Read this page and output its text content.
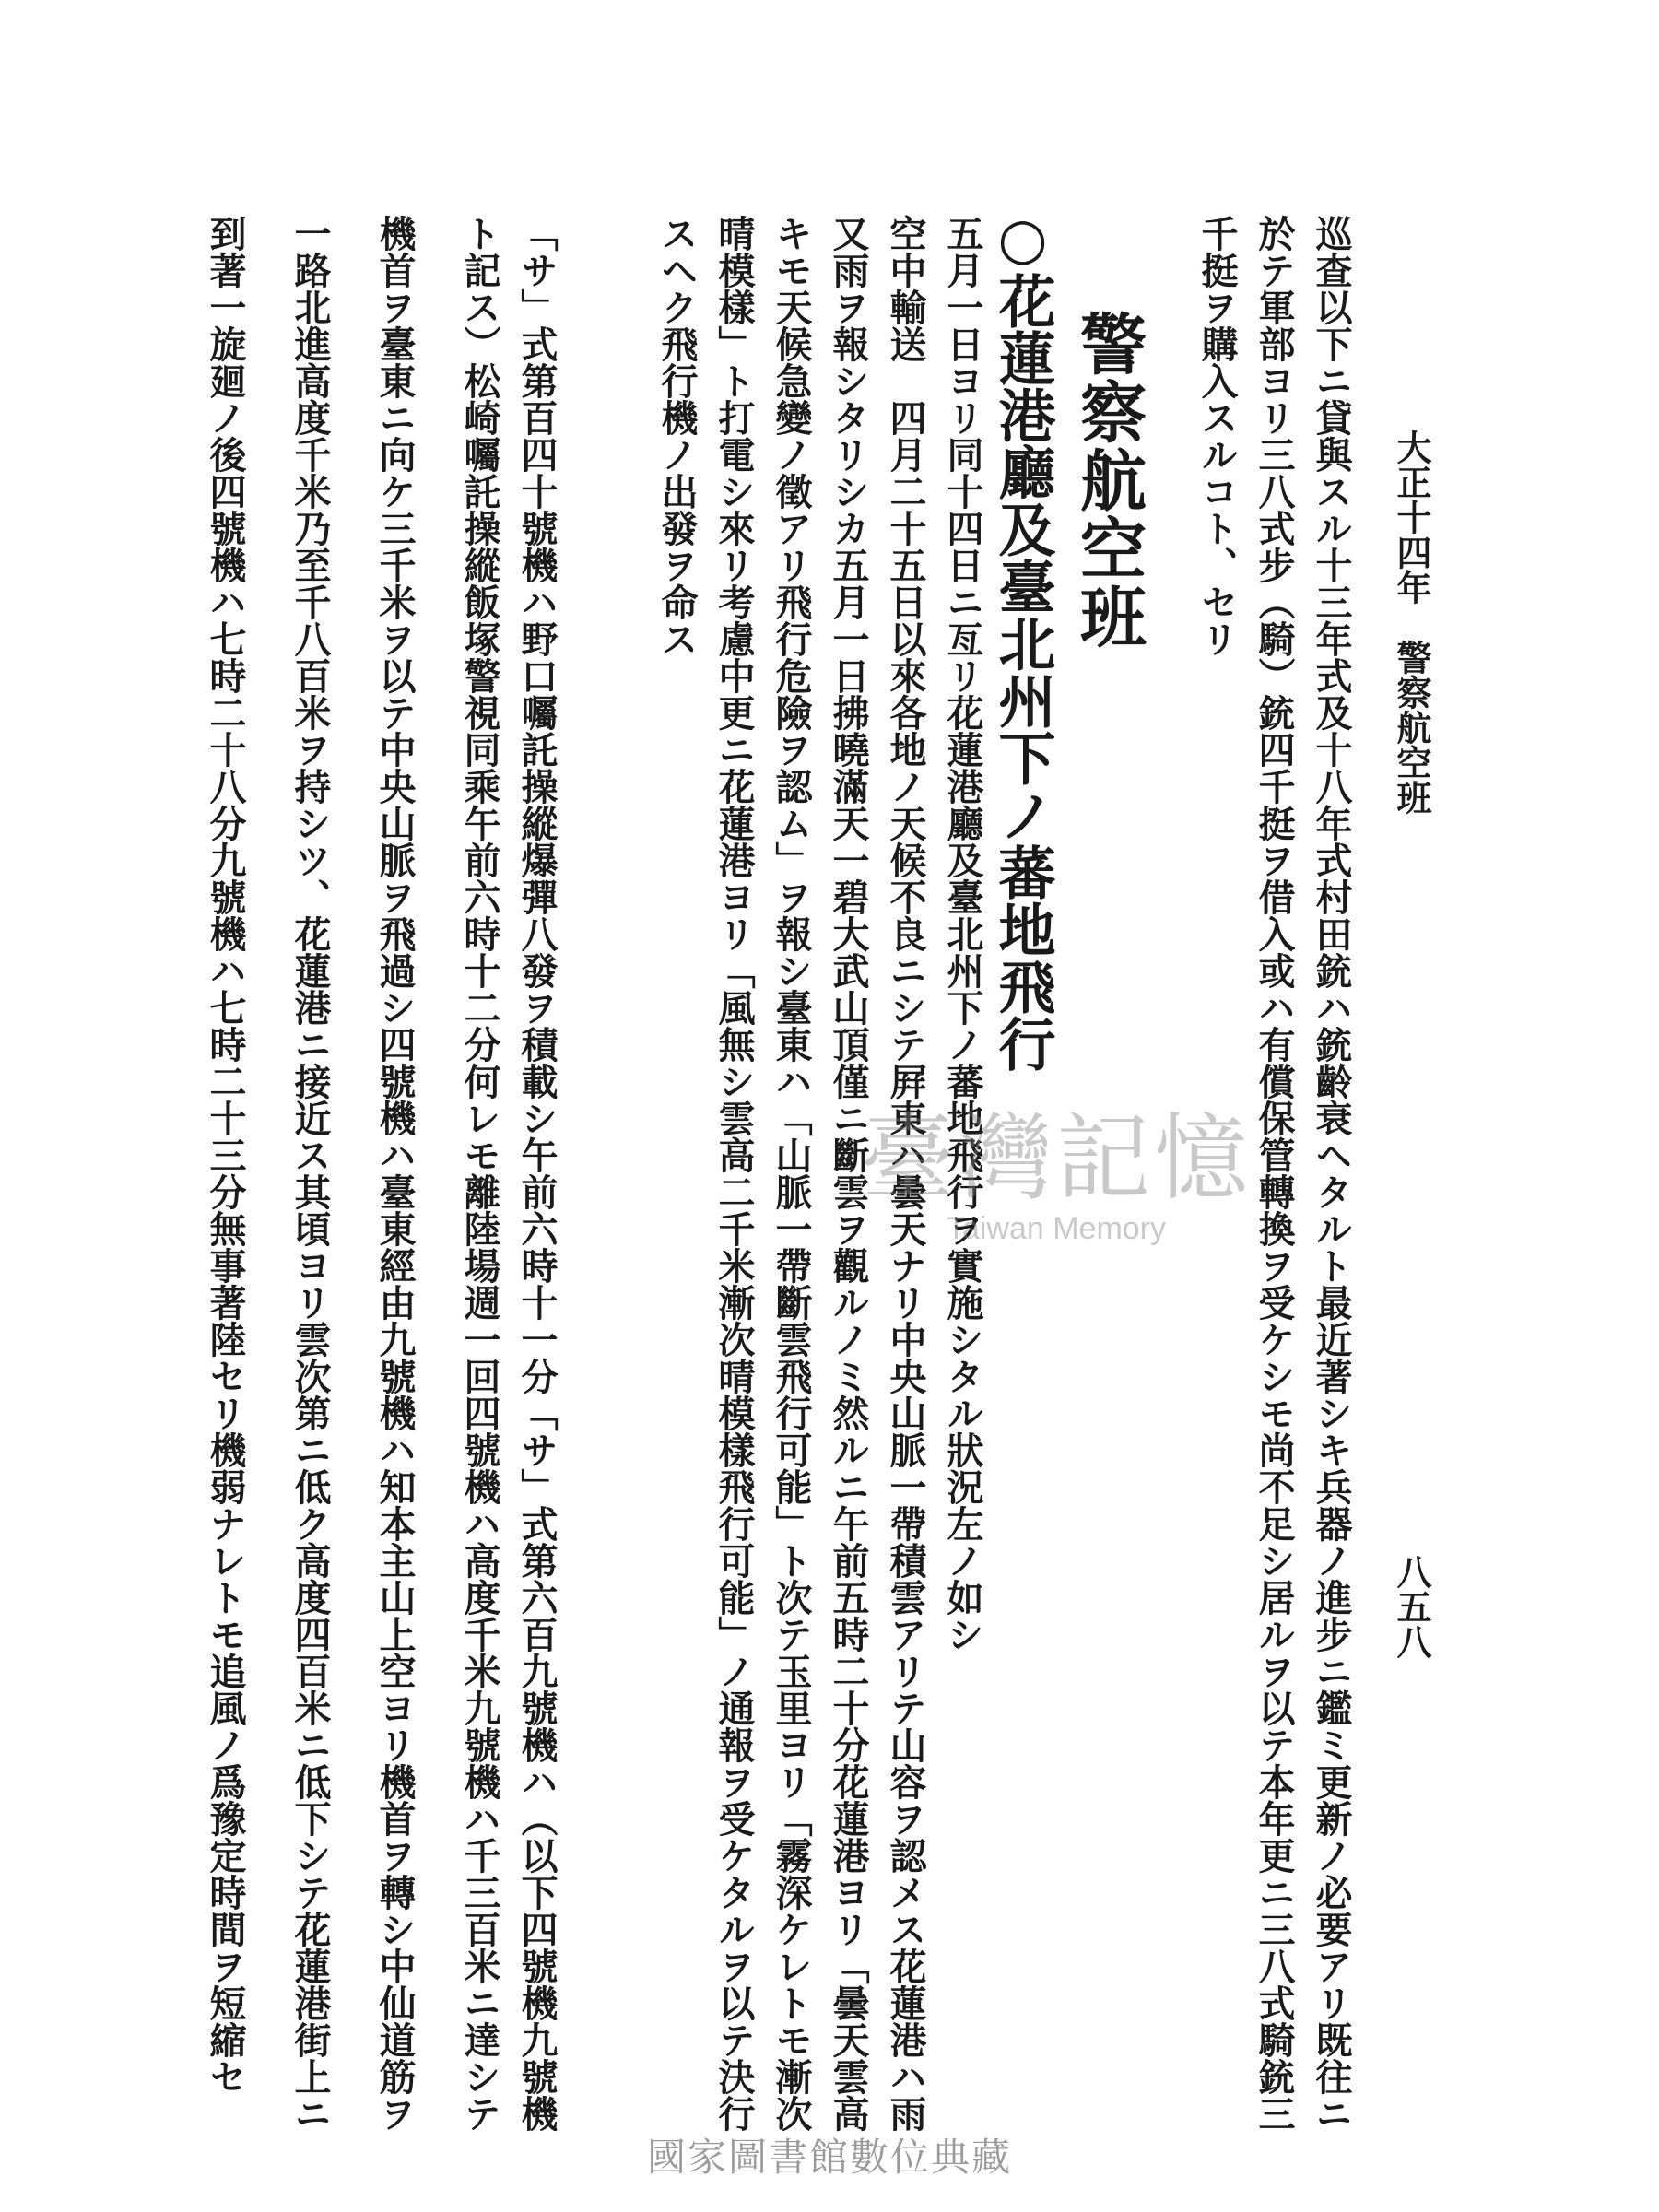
大正十四年　警察航空班
八五八
巡查以下ニ貸與スル十三年式及十八年式村田銃ハ銃齡衰ヘタルト最近著シキ兵器ノ進步ニ鑑ミ更新ノ必要アリ既往ニ
於テ軍部ヨリ三八式步（騎）銃四千挺ヲ借入或ハ有償保管轉換ヲ受ケシモ尚不足シ居ルヲ以テ本年更ニ三八式騎銃三
千挺ヲ購入スルコト、セリ
警察航空班
○花蓮港廳及臺北州下ノ蕃地飛行
五月一日ヨリ同十四日ニ亙リ花蓮港廳及臺北州下ノ蕃地飛行ヲ實施シタル狀況左ノ如シ
空中輸送　四月二十五日以來各地ノ天候不良ニシテ屛東ハ曇天ナリ中央山脈一帶積雲アリテ山容ヲ認メス花蓮港ハ雨
又雨ヲ報シタリシカ五月一日拂曉滿天一碧大武山頂僅ニ斷雲ヲ觀ルノミ然ルニ午前五時二十分花蓮港ヨリ「曇天雲高
キモ天候急變ノ徵アリ飛行危險ヲ認ム」ヲ報シ臺東ハ「山脈一帶斷雲飛行可能」ト次テ玉里ヨリ「霧深ケレトモ漸次
晴模樣」ト打電シ來リ考慮中更ニ花蓮港ヨリ「風無シ雲高二千米漸次晴模樣飛行可能」ノ通報ヲ受ケタルヲ以テ決行
スヘク飛行機ノ出發ヲ命ス
「サ」式第百四十號機ハ野口囑託操縱爆彈八發ヲ積載シ午前六時十一分「サ」式第六百九號機ハ（以下四號機九號機
ト記ス）松崎囑託操縱飯塚警視同乘午前六時十二分何レモ離陸場週一回四號機ハ高度千米九號機ハ千三百米ニ達シテ
機首ヲ臺東ニ向ケ三千米ヲ以テ中央山脈ヲ飛過シ四號機ハ臺東經由九號機ハ知本主山上空ヨリ機首ヲ轉シ中仙道筋ヲ
一路北進高度千米乃至千八百米ヲ持シツ、花蓮港ニ接近ス其頃ヨリ雲次第ニ低ク高度四百米ニ低下シテ花蓮港街上ニ
到著一旋廻ノ後四號機ハ七時二十八分九號機ハ七時二十三分無事著陸セリ機弱ナレトモ追風ノ爲豫定時間ヲ短縮セ	臺灣記憶
Taiwan Memory
國家圖書館數位典藏
